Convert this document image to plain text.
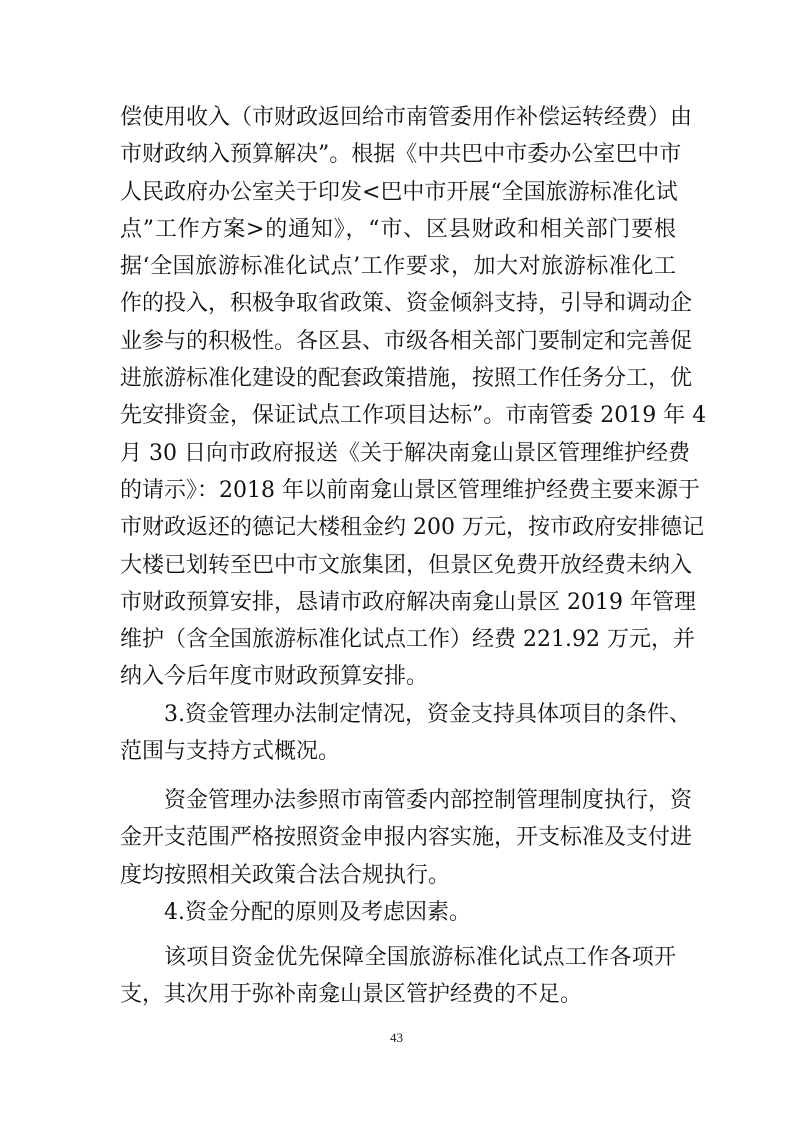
偿使用收入（市财政返回给市南管委用作补偿运转经费）由
市财政纳入预算解决”。根据《中共巴中市委办公室巴中市
人民政府办公室关于印发<巴中市开展“全国旅游标准化试
点”工作方案>的通知》，“市、区县财政和相关部门要根
据‘全国旅游标准化试点’工作要求，加大对旅游标准化工
作的投入，积极争取省政策、资金倾斜支持，引导和调动企
业参与的积极性。各区县、市级各相关部门要制定和完善促
进旅游标准化建设的配套政策措施，按照工作任务分工，优
先安排资金，保证试点工作项目达标”。市南管委 2019 年 4
月 30 日向市政府报送《关于解决南龛山景区管理维护经费
的请示》：2018 年以前南龛山景区管理维护经费主要来源于
市财政返还的德记大楼租金约 200 万元，按市政府安排德记
大楼已划转至巴中市文旅集团，但景区免费开放经费未纳入
市财政预算安排，恳请市政府解决南龛山景区 2019 年管理
维护（含全国旅游标准化试点工作）经费 221.92 万元，并
纳入今后年度市财政预算安排。
3.资金管理办法制定情况，资金支持具体项目的条件、
范围与支持方式概况。
资金管理办法参照市南管委内部控制管理制度执行，资
金开支范围严格按照资金申报内容实施，开支标准及支付进
度均按照相关政策合法合规执行。
4.资金分配的原则及考虑因素。
该项目资金优先保障全国旅游标准化试点工作各项开
支，其次用于弥补南龛山景区管护经费的不足。
43
